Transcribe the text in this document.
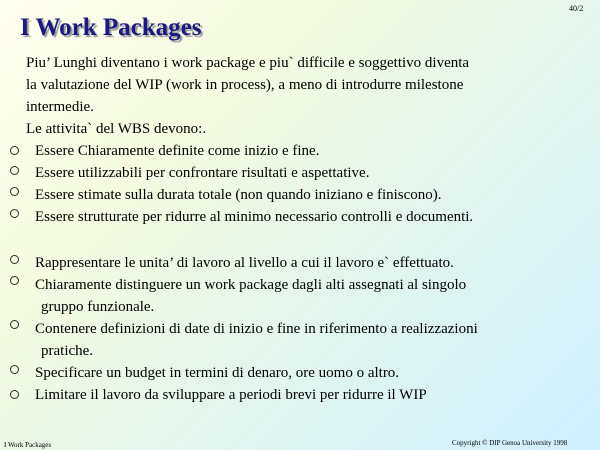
40/2
I Work Packages
Piu’ Lunghi diventano i work package e piu` difficile e soggettivo diventa
la valutazione del WIP (work in process), a meno di introdurre milestone
intermedie.
Le attivita` del WBS devono:.
Essere Chiaramente definite come inizio e fine.
Essere utilizzabili per confrontare risultati e aspettative.
Essere stimate sulla durata totale (non quando iniziano e finiscono).
Essere strutturate per ridurre al minimo necessario controlli e documenti.
Rappresentare le unita’ di lavoro al livello a cui il lavoro e` effettuato.
Chiaramente distinguere un work package dagli alti assegnati al singolo
gruppo funzionale.
Contenere definizioni di date di inizio e fine in riferimento a realizzazioni
pratiche.
Specificare un budget in termini di denaro, ore uomo o altro.
Limitare il lavoro da sviluppare a periodi brevi per ridurre il WIP
I Work Packages	Copyright © DIP Genoa University 1998
